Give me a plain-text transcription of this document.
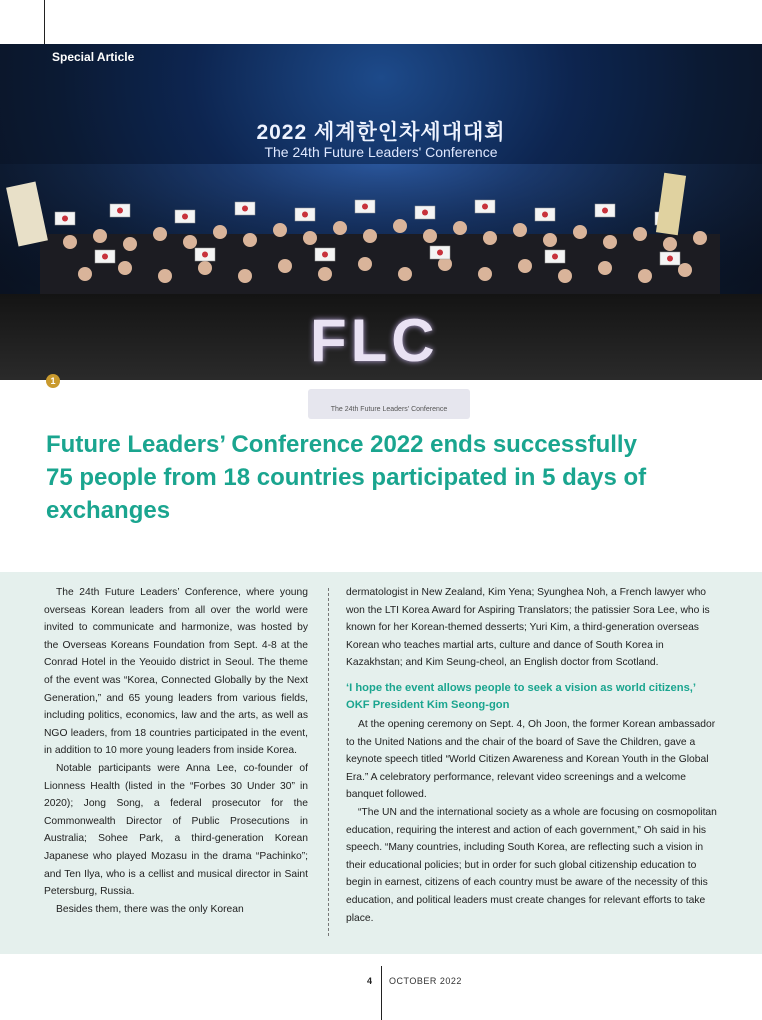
FLC
The 24th Future Leaders' Conference
2022 세계한인차세대대회
The 24th Future Leaders' Conference
Special Article
1
Future Leaders’ Conference 2022 ends successfully
75 people from 18 countries participated in 5 days of
exchanges

The 24th Future Leaders’ Conference, where young overseas Korean leaders from all over the world were invited to communicate and harmonize, was hosted by the Overseas Koreans Foundation from Sept. 4-8 at the Conrad Hotel in the Yeouido district in Seoul. The theme of the event was “Korea, Connected Globally by the Next Generation,” and 65 young leaders from various fields, including politics, economics, law and the arts, as well as NGO leaders, from 18 countries participated in the event, in addition to 10 more young leaders from inside Korea.

Notable participants were Anna Lee, co-founder of Lionness Health (listed in the “Forbes 30 Under 30” in 2020); Jong Song, a federal prosecutor for the Commonwealth Director of Public Prosecutions in Australia; Sohee Park, a third-generation Korean Japanese who played Mozasu in the drama “Pachinko”; and Ten Ilya, who is a cellist and musical director in Saint Petersburg, Russia.

Besides them, there was the only Korean

dermatologist in New Zealand, Kim Yena; Syunghea Noh, a French lawyer who won the LTI Korea Award for Aspiring Translators; the patissier Sora Lee, who is known for her Korean-themed desserts; Yuri Kim, a third-generation overseas Korean who teaches martial arts, culture and dance of South Korea in Kazakhstan; and Kim Seung-cheol, an English doctor from Scotland.

‘I hope the event allows people to seek a vision as world citizens,’
OKF President Kim Seong-gon

At the opening ceremony on Sept. 4, Oh Joon, the former Korean ambassador to the United Nations and the chair of the board of Save the Children, gave a keynote speech titled “World Citizen Awareness and Korean Youth in the Global Era.” A celebratory performance, relevant video screenings and a welcome banquet followed.

“The UN and the international society as a whole are focusing on cosmopolitan education, requiring the interest and action of each government,” Oh said in his speech. “Many countries, including South Korea, are reflecting such a vision in their educational policies; but in order for such global citizenship education to begin in earnest, citizens of each country must be aware of the necessity of this education, and political leaders must create changes for relevant efforts to take place.

4 OCTOBER 2022
